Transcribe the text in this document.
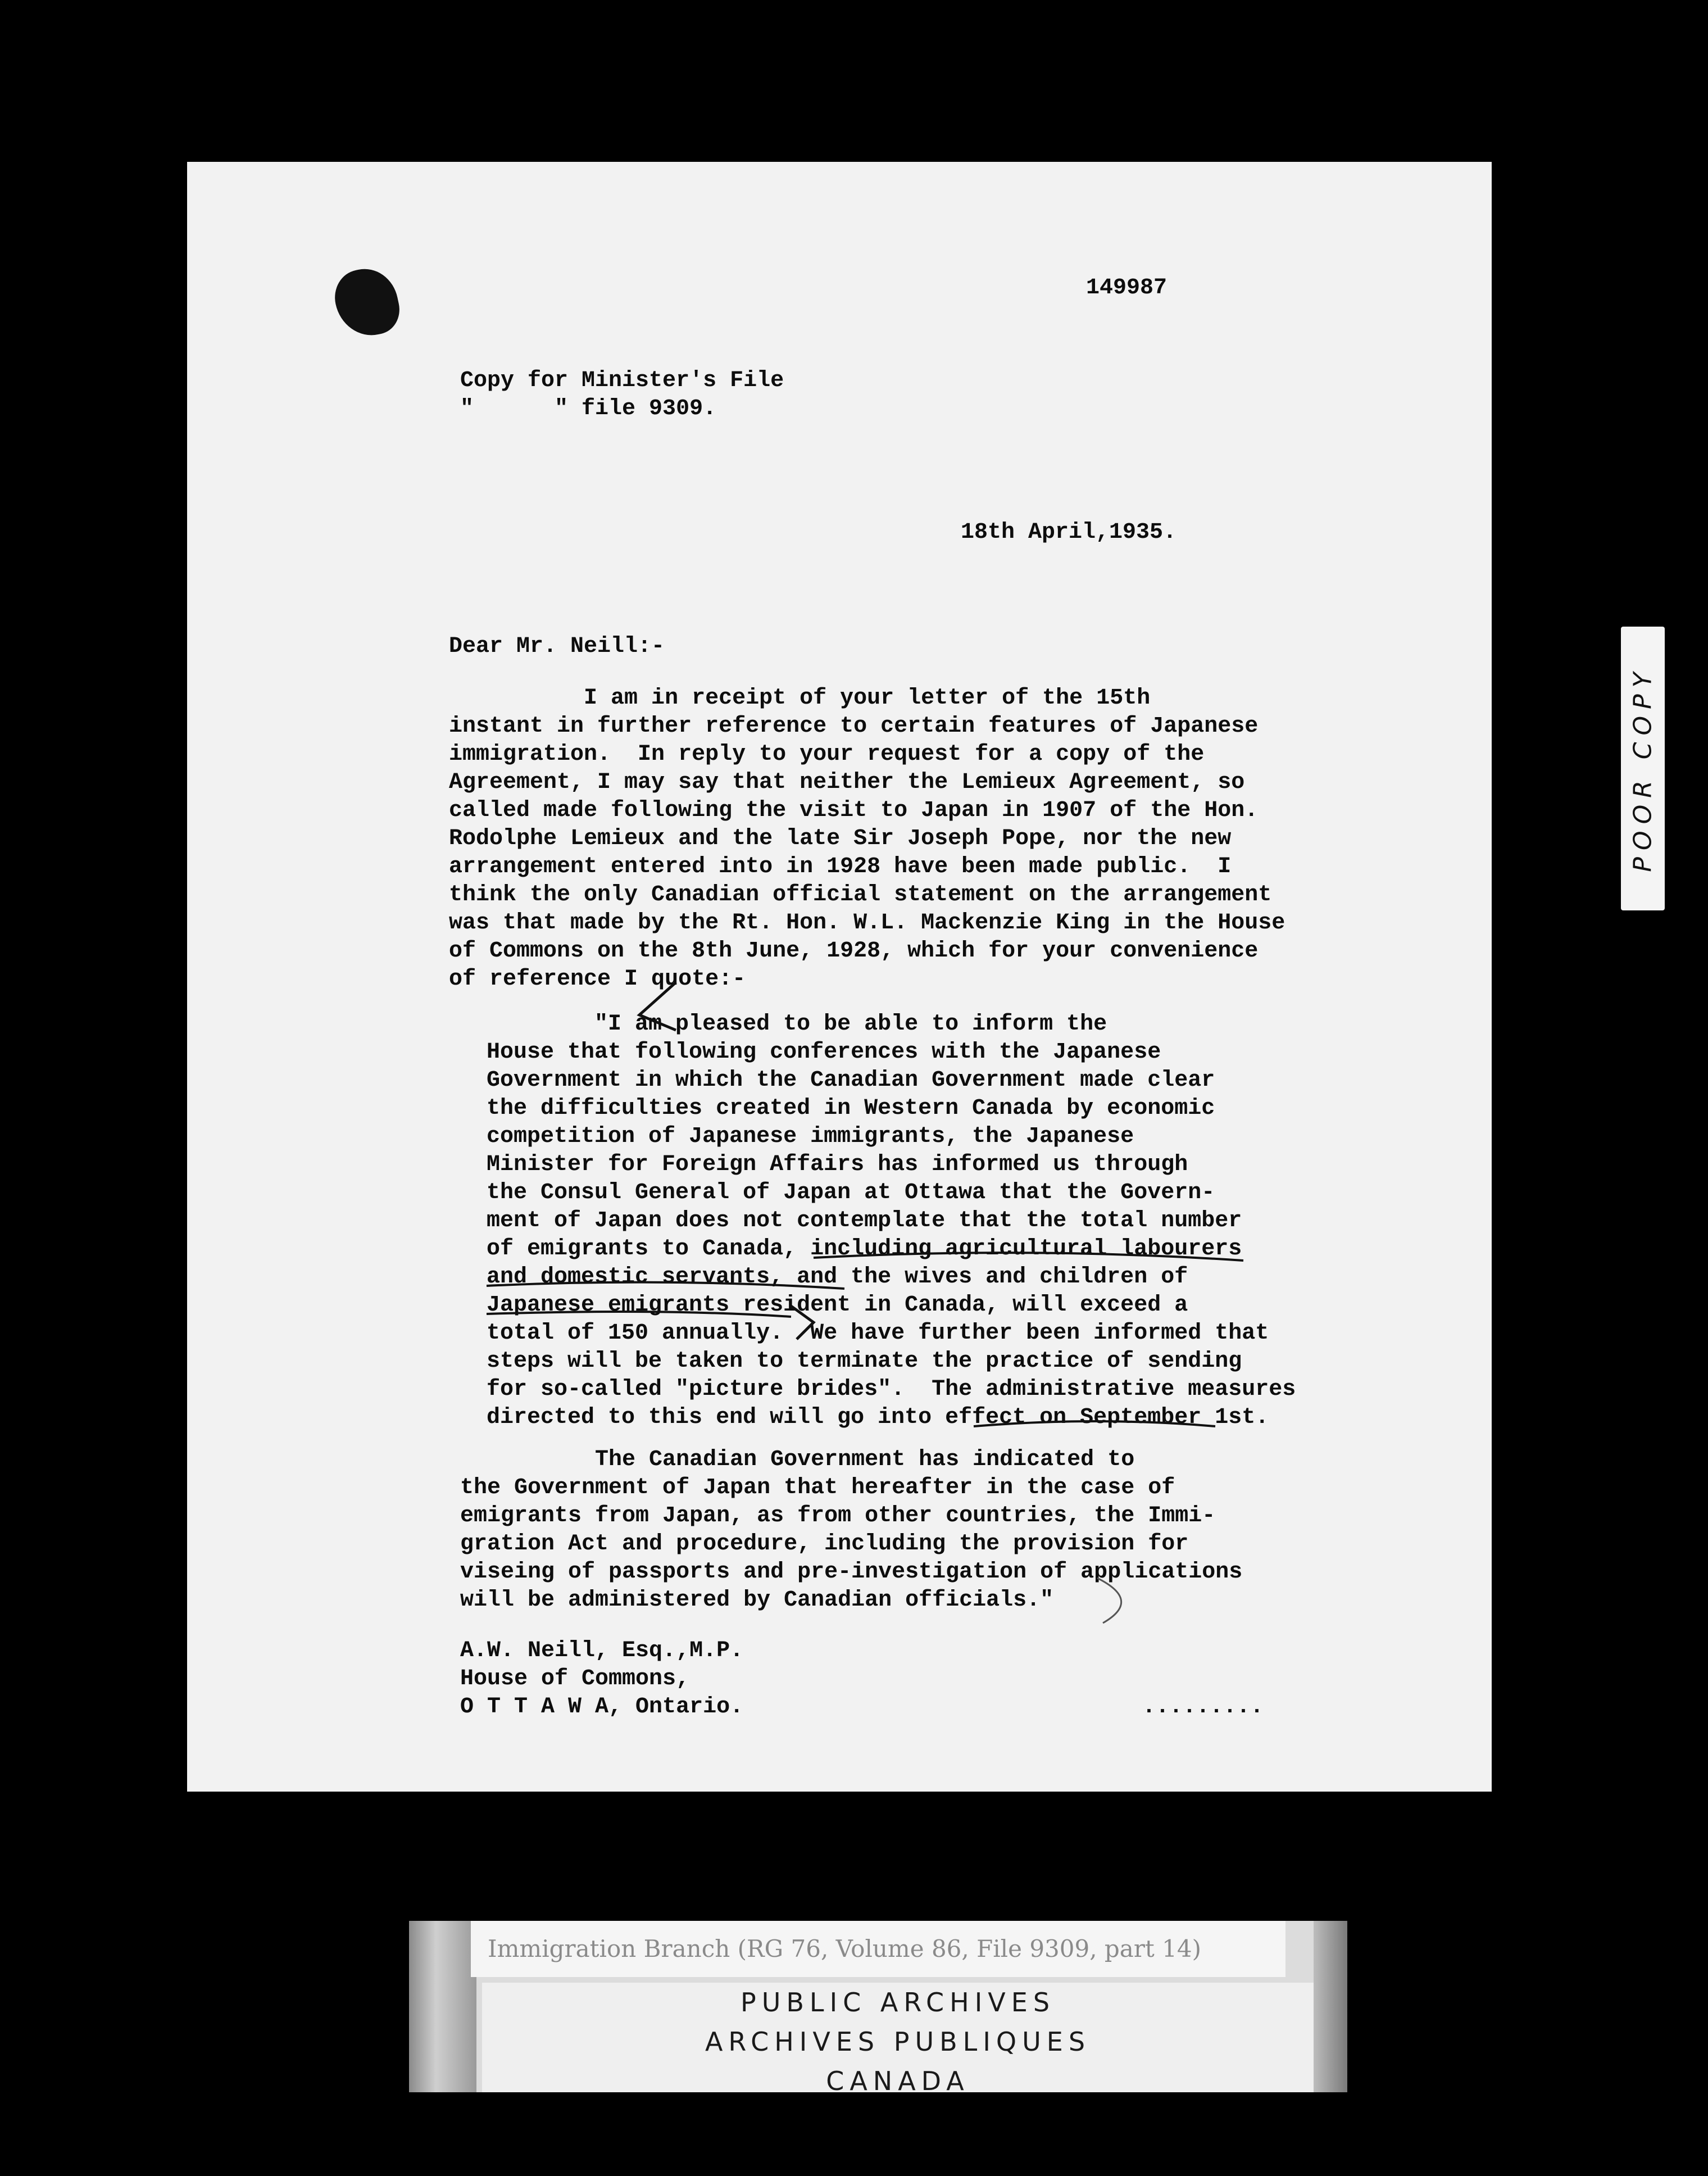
149987
Copy for Minister's File
"      " file 9309.
18th April,1935.
Dear Mr. Neill:-
I am in receipt of your letter of the 15th
instant in further reference to certain features of Japanese
immigration.  In reply to your request for a copy of the
Agreement, I may say that neither the Lemieux Agreement, so
called made following the visit to Japan in 1907 of the Hon.
Rodolphe Lemieux and the late Sir Joseph Pope, nor the new
arrangement entered into in 1928 have been made public.  I
think the only Canadian official statement on the arrangement
was that made by the Rt. Hon. W.L. Mackenzie King in the House
of Commons on the 8th June, 1928, which for your convenience
of reference I quote:-
"I am pleased to be able to inform the
House that following conferences with the Japanese
Government in which the Canadian Government made clear
the difficulties created in Western Canada by economic
competition of Japanese immigrants, the Japanese
Minister for Foreign Affairs has informed us through
the Consul General of Japan at Ottawa that the Govern-
ment of Japan does not contemplate that the total number
of emigrants to Canada, including agricultural labourers
and domestic servants, and the wives and children of
Japanese emigrants resident in Canada, will exceed a
total of 150 annually.  We have further been informed that
steps will be taken to terminate the practice of sending
for so-called "picture brides".  The administrative measures
directed to this end will go into effect on September 1st.
The Canadian Government has indicated to
the Government of Japan that hereafter in the case of
emigrants from Japan, as from other countries, the Immi-
gration Act and procedure, including the provision for
viseing of passports and pre-investigation of applications
will be administered by Canadian officials."
A.W. Neill, Esq.,M.P.
House of Commons,
O T T A W A, Ontario.	.........
POOR COPY
Immigration Branch (RG 76, Volume 86, File 9309, part 14)
PUBLIC ARCHIVES
ARCHIVES PUBLIQUES
CANADA
